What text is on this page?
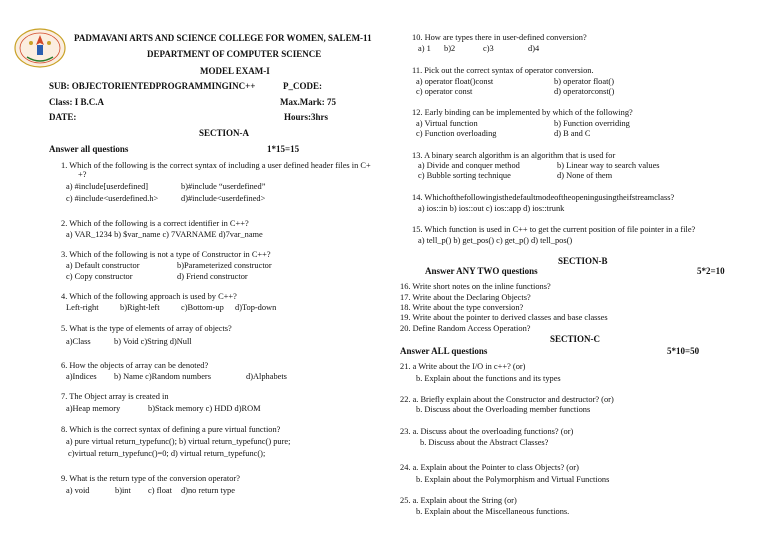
PADMAVANI ARTS AND SCIENCE COLLEGE FOR WOMEN, SALEM-11
DEPARTMENT OF COMPUTER SCIENCE
MODEL EXAM-I
SUB: OBJECTORIENTEDPROGRAMMINGINC++	P_CODE:
Class: I B.C.A	Max.Mark: 75
DATE:	Hours:3hrs
SECTION-A
Answer all questions	1*15=15
1. Which of the following is the correct syntax of including a user defined header files in C+
+?
a) #include[userdefined]	b)#include “userdefined”
c) #include<userdefined.h>	d)#include<userdefined>
2. Which of the following is a correct identifier in C++?
a) VAR_1234 b) $var_name c) 7VARNAME d)7var_name
3. Which of the following is not a type of Constructor in C++?
a) Default constructor	b)Parameterized constructor
c) Copy constructor	d) Friend constructor
4. Which of the following approach is used by C++?
Left-right	b)Right-left	c)Bottom-up d)Top-down
5. What is the type of elements of array of objects?
a)Class	b) Void c)String d)Null
6. How the objects of array can be denoted?
a)Indices b) Name c)Random numbers	d)Alphabets
7. The Object array is created in
a)Heap memory	b)Stack memory c) HDD d)ROM
8. Which is the correct syntax of defining a pure virtual function?
a) pure virtual return_typefunc(); b) virtual return_typefunc() pure;
c)virtual return_typefunc()=0; d) virtual return_typefunc();
9. What is the return type of the conversion operator?
a) void	b)int c) float d)no return type
10. How are types there in user-defined conversion?
a) 1 b)2	c)3	d)4
11. Pick out the correct syntax of operator conversion.
a) operator float()const	b) operator float()
c) operator const	d) operatorconst()
12. Early binding can be implemented by which of the following?
a) Virtual function	b) Function overriding
c) Function overloading	d) B and C
13. A binary search algorithm is an algorithm that is used for
a) Divide and conquer method	b) Linear way to search values
c) Bubble sorting technique	d) None of them
14. Whichofthefollowingisthedefaultmodeoftheopeningusingtheifstreamclass?
a) ios::in b) ios::out c) ios::app d) ios::trunk
15. Which function is used in C++ to get the current position of file pointer in a file?
a) tell_p() b) get_pos() c) get_p() d) tell_pos()
SECTION-B
Answer ANY TWO questions	5*2=10
16. Write short notes on the inline functions?
17. Write about the Declaring Objects?
18. Write about the type conversion?
19. Write about the pointer to derived classes and base classes
20. Define Random Access Operation?
SECTION-C
Answer ALL questions	5*10=50
21. a Write about the I/O in c++? (or)
b. Explain about the functions and its types
22. a. Briefly explain about the Constructor and destructor? (or)
b. Discuss about the Overloading member functions
23. a. Discuss about the overloading functions? (or)
b. Discuss about the Abstract Classes?
24. a. Explain about the Pointer to class Objects? (or)
b. Explain about the Polymorphism and Virtual Functions
25. a. Explain about the String (or)
b. Explain about the Miscellaneous functions.
